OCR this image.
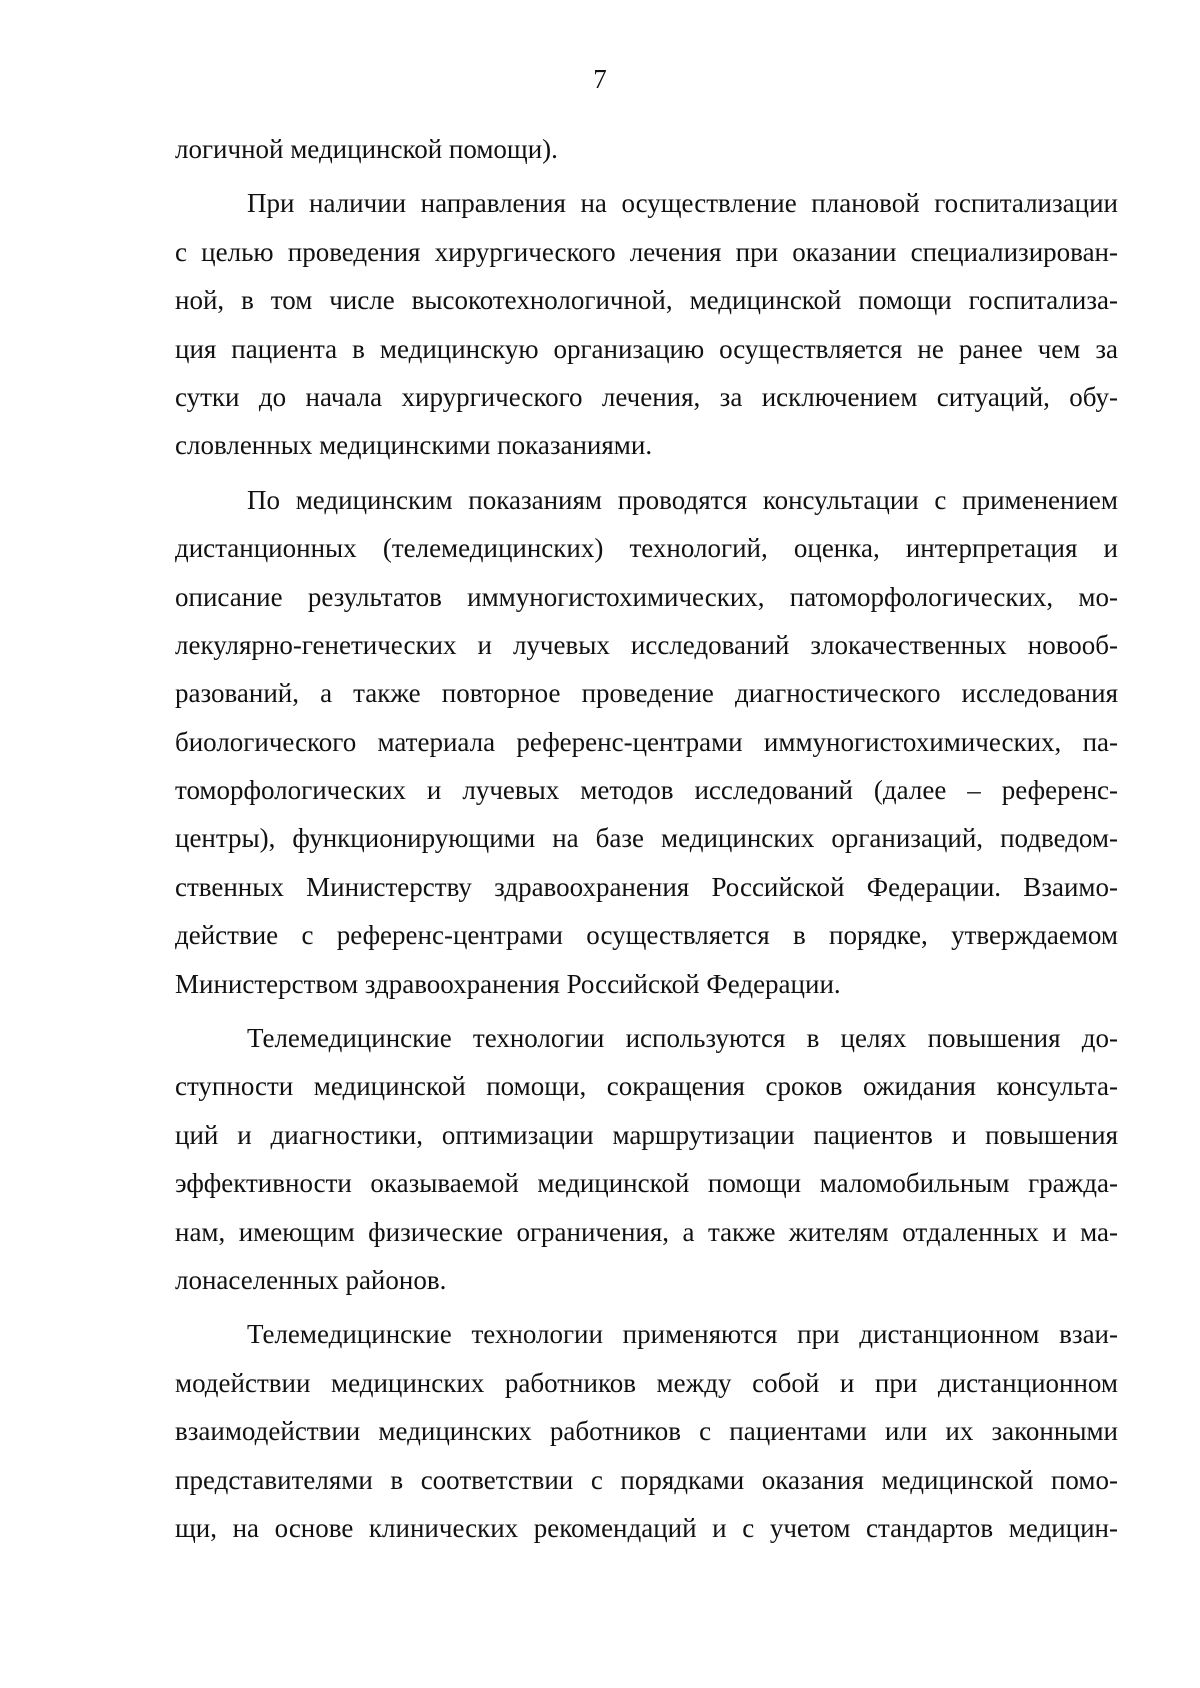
7
логичной медицинской помощи).
При наличии направления на осуществление плановой госпитализации
с целью проведения хирургического лечения при оказании специализирован-
ной, в том числе высокотехнологичной, медицинской помощи госпитализа-
ция пациента в медицинскую организацию осуществляется не ранее чем за
сутки до начала хирургического лечения, за исключением ситуаций, обу-
словленных медицинскими показаниями.
По медицинским показаниям проводятся консультации с применением
дистанционных (телемедицинских) технологий, оценка, интерпретация и
описание результатов иммуногистохимических, патоморфологических, мо-
лекулярно-генетических и лучевых исследований злокачественных новооб-
разований, а также повторное проведение диагностического исследования
биологического материала референс-центрами иммуногистохимических, па-
томорфологических и лучевых методов исследований (далее – референс-
центры), функционирующими на базе медицинских организаций, подведом-
ственных Министерству здравоохранения Российской Федерации. Взаимо-
действие с референс-центрами осуществляется в порядке, утверждаемом
Министерством здравоохранения Российской Федерации.
Телемедицинские технологии используются в целях повышения до-
ступности медицинской помощи, сокращения сроков ожидания консульта-
ций и диагностики, оптимизации маршрутизации пациентов и повышения
эффективности оказываемой медицинской помощи маломобильным гражда-
нам, имеющим физические ограничения, а также жителям отдаленных и ма-
лонаселенных районов.
Телемедицинские технологии применяются при дистанционном взаи-
модействии медицинских работников между собой и при дистанционном
взаимодействии медицинских работников с пациентами или их законными
представителями в соответствии с порядками оказания медицинской помо-
щи, на основе клинических рекомендаций и с учетом стандартов медицин-
